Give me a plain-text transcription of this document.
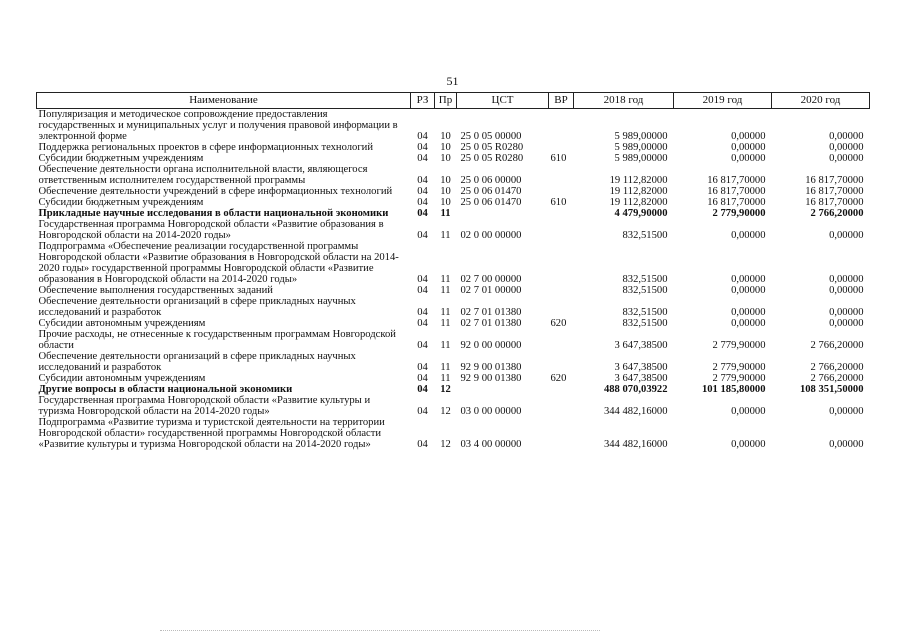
51
Наименование	РЗ	Пр	ЦСТ	ВР	2018 год	2019 год	2020 год
Популяризация и методическое сопровождение предоставления государственных и муниципальных услуг и получения правовой информации в электронной форме	04	10	25 0 05 00000		5 989,00000	0,00000	0,00000
Поддержка региональных проектов в сфере информационных технологий	04	10	25 0 05 R0280		5 989,00000	0,00000	0,00000
Субсидии бюджетным учреждениям	04	10	25 0 05 R0280	610	5 989,00000	0,00000	0,00000
Обеспечение деятельности органа исполнительной власти, являющегося ответственным исполнителем государственной программы	04	10	25 0 06 00000		19 112,82000	16 817,70000	16 817,70000
Обеспечение деятельности учреждений в сфере информационных технологий	04	10	25 0 06 01470		19 112,82000	16 817,70000	16 817,70000
Субсидии бюджетным учреждениям	04	10	25 0 06 01470	610	19 112,82000	16 817,70000	16 817,70000
Прикладные научные исследования в области национальной экономики	04	11			4 479,90000	2 779,90000	2 766,20000
Государственная программа Новгородской области «Развитие образования в Новгородской области на 2014-2020 годы»	04	11	02 0 00 00000		832,51500	0,00000	0,00000
Подпрограмма «Обеспечение реализации государственной программы Новгородской области «Развитие образования в Новгородской области на 2014-2020 годы» государственной программы Новгородской области «Развитие образования в Новгородской области на 2014-2020 годы»	04	11	02 7 00 00000		832,51500	0,00000	0,00000
Обеспечение выполнения государственных заданий	04	11	02 7 01 00000		832,51500	0,00000	0,00000
Обеспечение деятельности организаций в сфере прикладных научных исследований и разработок	04	11	02 7 01 01380		832,51500	0,00000	0,00000
Субсидии автономным учреждениям	04	11	02 7 01 01380	620	832,51500	0,00000	0,00000
Прочие расходы, не отнесенные к государственным программам Новгородской области	04	11	92 0 00 00000		3 647,38500	2 779,90000	2 766,20000
Обеспечение деятельности организаций в сфере прикладных научных исследований и разработок	04	11	92 9 00 01380		3 647,38500	2 779,90000	2 766,20000
Субсидии автономным учреждениям	04	11	92 9 00 01380	620	3 647,38500	2 779,90000	2 766,20000
Другие вопросы в области национальной экономики	04	12			488 070,03922	101 185,80000	108 351,50000
Государственная программа Новгородской области «Развитие культуры и туризма Новгородской области на 2014-2020 годы»	04	12	03 0 00 00000		344 482,16000	0,00000	0,00000
Подпрограмма «Развитие туризма и туристской деятельности на территории Новгородской области» государственной программы Новгородской области «Развитие культуры и туризма Новгородской области на 2014-2020 годы»	04	12	03 4 00 00000		344 482,16000	0,00000	0,00000
